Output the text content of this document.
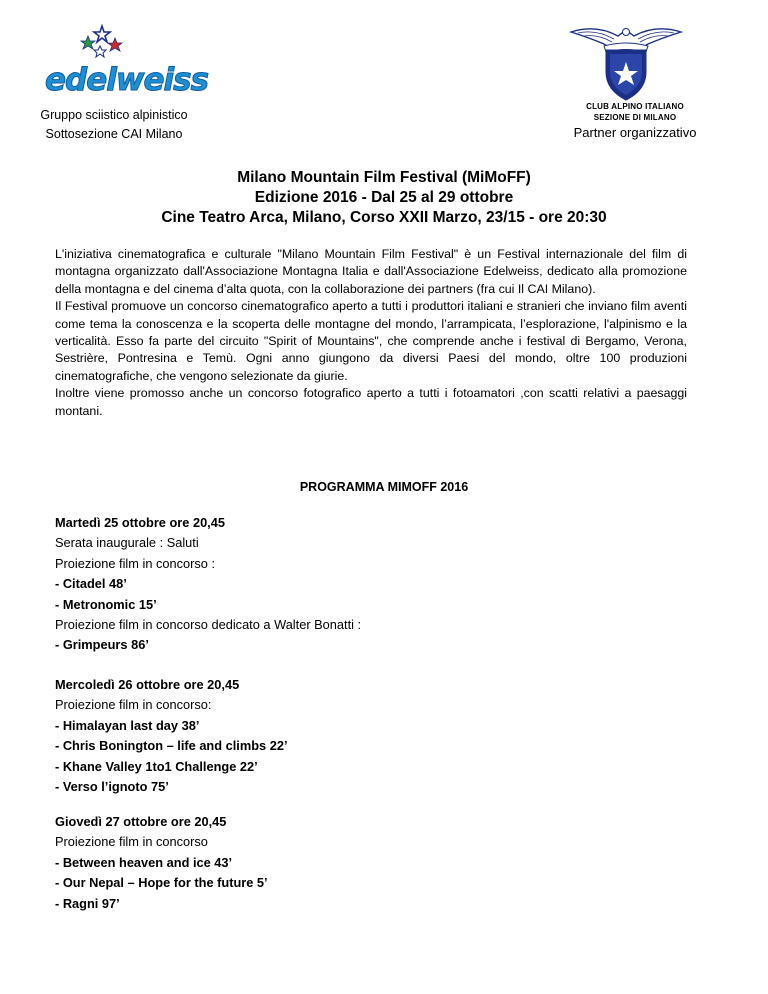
edelweiss
Gruppo sciistico alpinistico
Sottosezione CAI Milano
CLUB ALPINO ITALIANO
SEZIONE DI MILANO
Partner organizzativo
Milano Mountain Film Festival (MiMoFF)
Edizione 2016 - Dal 25 al 29 ottobre
Cine Teatro Arca, Milano, Corso XXII Marzo, 23/15 - ore 20:30

L'iniziativa cinematografica e culturale "Milano Mountain Film Festival" è un Festival internazionale del film di montagna organizzato dall'Associazione Montagna Italia e dall'Associazione Edelweiss, dedicato alla promozione della montagna e del cinema d’alta quota, con la collaborazione dei partners (fra cui Il CAI Milano).

Il Festival promuove un concorso cinematografico aperto a tutti i produttori italiani e stranieri che inviano film aventi come tema la conoscenza e la scoperta delle montagne del mondo, l’arrampicata, l’esplorazione, l'alpinismo e la verticalità. Esso fa parte del circuito "Spirit of Mountains", che comprende anche i festival di Bergamo, Verona, Sestrière, Pontresina e Temù. Ogni anno giungono da diversi Paesi del mondo, oltre 100 produzioni cinematografiche, che vengono selezionate da giurie.

Inoltre viene promosso anche un concorso fotografico aperto a tutti i fotoamatori ,con scatti relativi a paesaggi montani.

PROGRAMMA MIMOFF 2016
Martedì 25 ottobre ore 20,45
Serata inaugurale : Saluti
Proiezione film in concorso :
- Citadel 48’
- Metronomic 15’
Proiezione film in concorso dedicato a Walter Bonatti :
- Grimpeurs 86’
Mercoledì 26 ottobre ore 20,45
Proiezione film in concorso:
- Himalayan last day 38’
- Chris Bonington – life and climbs 22’
- Khane Valley 1to1 Challenge 22’
- Verso l’ignoto 75’
Giovedì 27 ottobre ore 20,45
Proiezione film in concorso
- Between heaven and ice 43’
- Our Nepal – Hope for the future 5’
- Ragni 97’
